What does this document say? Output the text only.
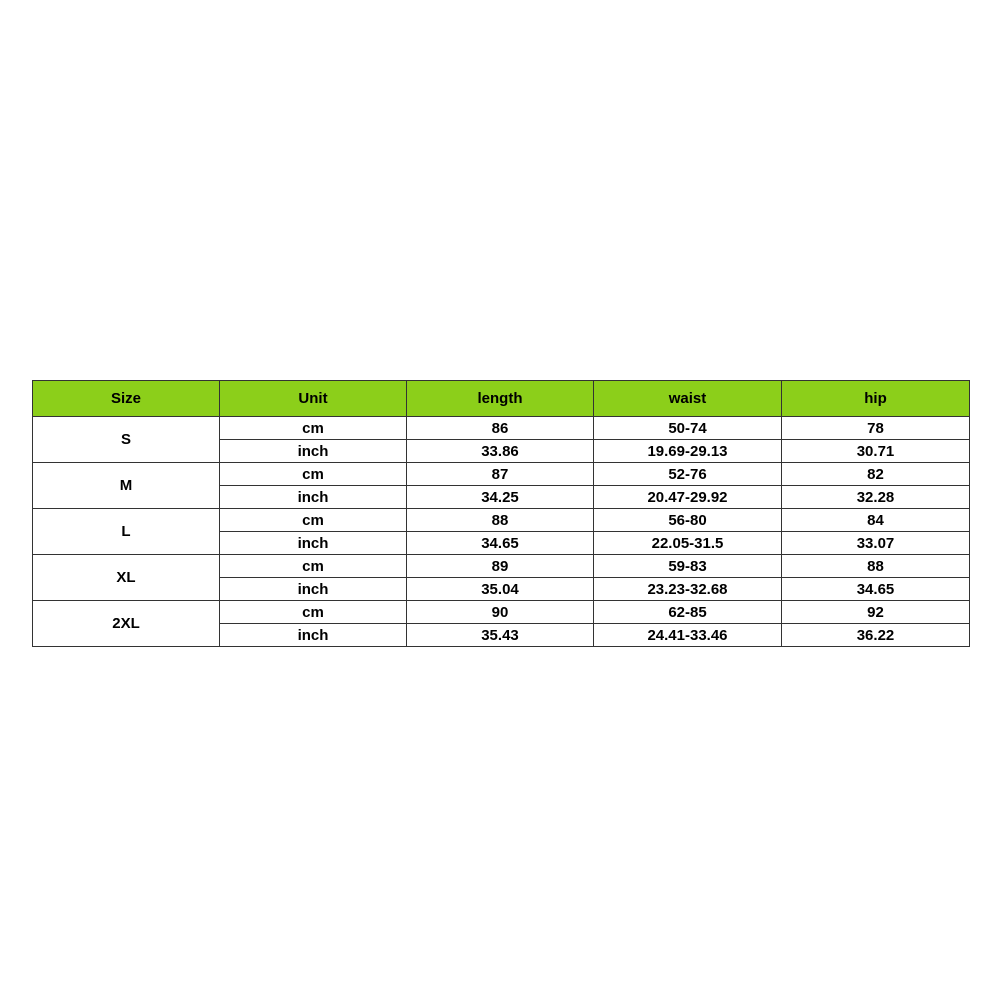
Size	Unit	length	waist	hip
S	cm	86	50-74	78
	inch	33.86	19.69-29.13	30.71
M	cm	87	52-76	82
	inch	34.25	20.47-29.92	32.28
L	cm	88	56-80	84
	inch	34.65	22.05-31.5	33.07
XL	cm	89	59-83	88
	inch	35.04	23.23-32.68	34.65
2XL	cm	90	62-85	92
	inch	35.43	24.41-33.46	36.22
